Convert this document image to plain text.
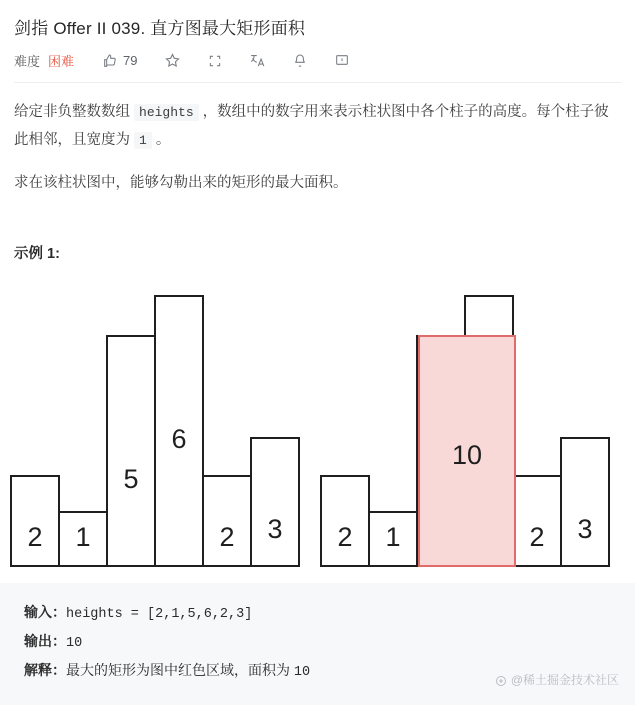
剑指 Offer II 039. 直方图最大矩形面积
难度 困难	79

给定非负整数数组 heights ，数组中的数字用来表示柱状图中各个柱子的高度。每个柱子彼此相邻，且宽度为 1 。

求在该柱状图中，能够勾勒出来的矩形的最大面积。

示例 1:
2 1
5
6
2 3 2 1	2 3
10
输入：heights = [2,1,5,6,2,3]
输出：10
解释：最大的矩形为图中红色区域，面积为 10	@稀土掘金技术社区
